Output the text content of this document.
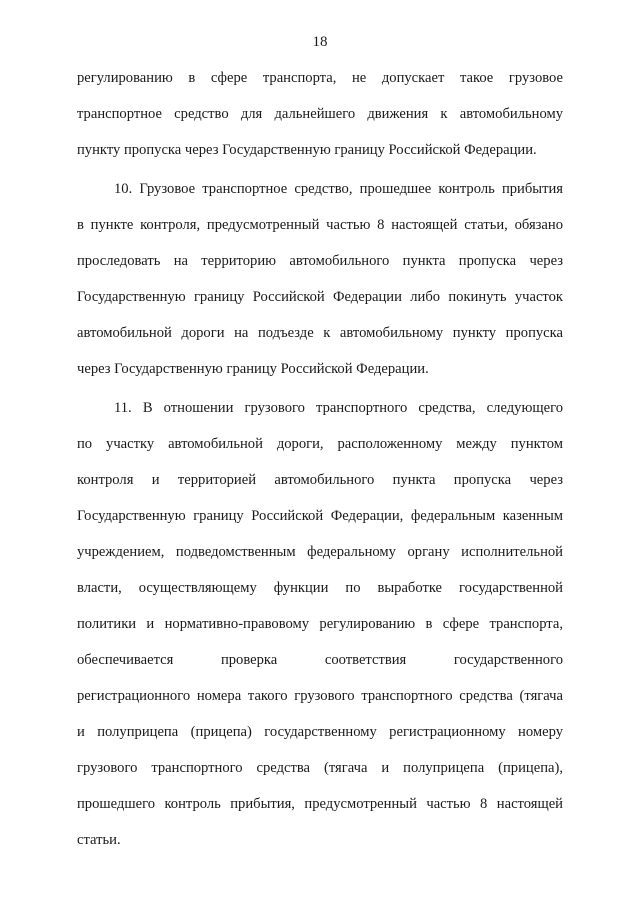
18
регулированию в сфере транспорта, не допускает такое грузовое
транспортное средство для дальнейшего движения к автомобильному
пункту пропуска через Государственную границу Российской Федерации.
10. Грузовое транспортное средство, прошедшее контроль прибытия
в пункте контроля, предусмотренный частью 8 настоящей статьи, обязано
проследовать на территорию автомобильного пункта пропуска через
Государственную границу Российской Федерации либо покинуть участок
автомобильной дороги на подъезде к автомобильному пункту пропуска
через Государственную границу Российской Федерации.
11. В отношении грузового транспортного средства, следующего
по участку автомобильной дороги, расположенному между пунктом
контроля и территорией автомобильного пункта пропуска через
Государственную границу Российской Федерации, федеральным казенным
учреждением, подведомственным федеральному органу исполнительной
власти, осуществляющему функции по выработке государственной
политики и нормативно-правовому регулированию в сфере транспорта,
обеспечивается проверка соответствия государственного
регистрационного номера такого грузового транспортного средства (тягача
и полуприцепа (прицепа) государственному регистрационному номеру
грузового транспортного средства (тягача и полуприцепа (прицепа),
прошедшего контроль прибытия, предусмотренный частью 8 настоящей
статьи.
